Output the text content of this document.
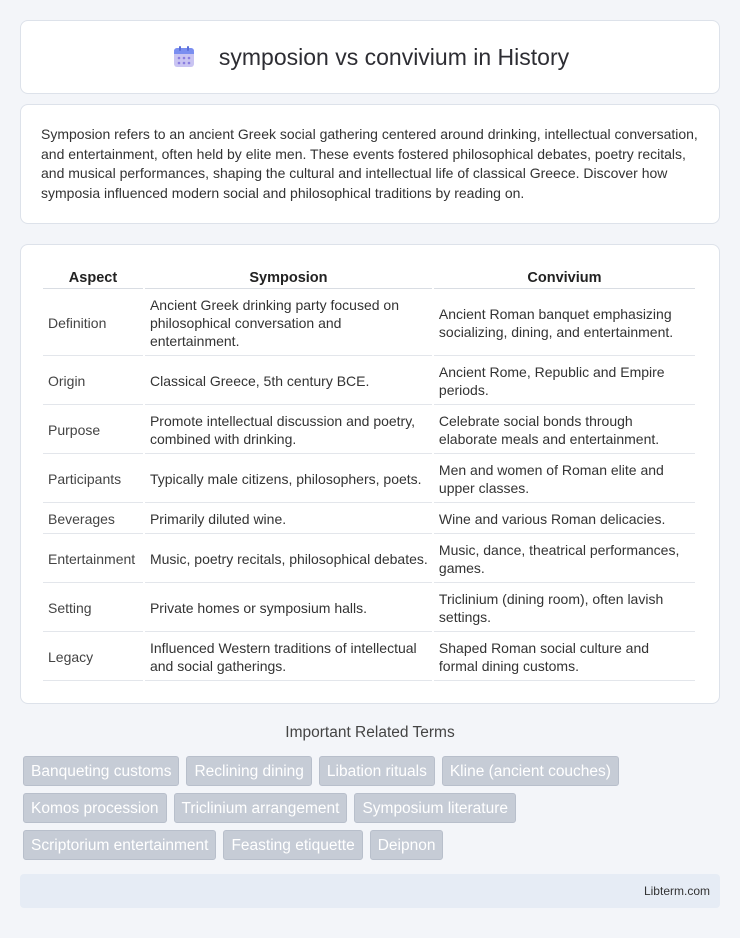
symposion vs convivium in History

Symposion refers to an ancient Greek social gathering centered around drinking, intellectual conversation, and entertainment, often held by elite men. These events fostered philosophical debates, poetry recitals, and musical performances, shaping the cultural and intellectual life of classical Greece. Discover how symposia influenced modern social and philosophical traditions by reading on.

Aspect	Symposion	Convivium
Definition	Ancient Greek drinking party focused on philosophical conversation and entertainment.	Ancient Roman banquet emphasizing socializing, dining, and entertainment.
Origin	Classical Greece, 5th century BCE.	Ancient Rome, Republic and Empire periods.
Purpose	Promote intellectual discussion and poetry, combined with drinking.	Celebrate social bonds through elaborate meals and entertainment.
Participants	Typically male citizens, philosophers, poets.	Men and women of Roman elite and upper classes.
Beverages	Primarily diluted wine.	Wine and various Roman delicacies.
Entertainment	Music, poetry recitals, philosophical debates.	Music, dance, theatrical performances, games.
Setting	Private homes or symposium halls.	Triclinium (dining room), often lavish settings.
Legacy	Influenced Western traditions of intellectual and social gatherings.	Shaped Roman social culture and formal dining customs.
Important Related Terms
Banqueting customs	Reclining dining	Libation rituals	Kline (ancient couches)
Komos procession	Triclinium arrangement	Symposium literature
Scriptorium entertainment	Feasting etiquette	Deipnon
Libterm.com
